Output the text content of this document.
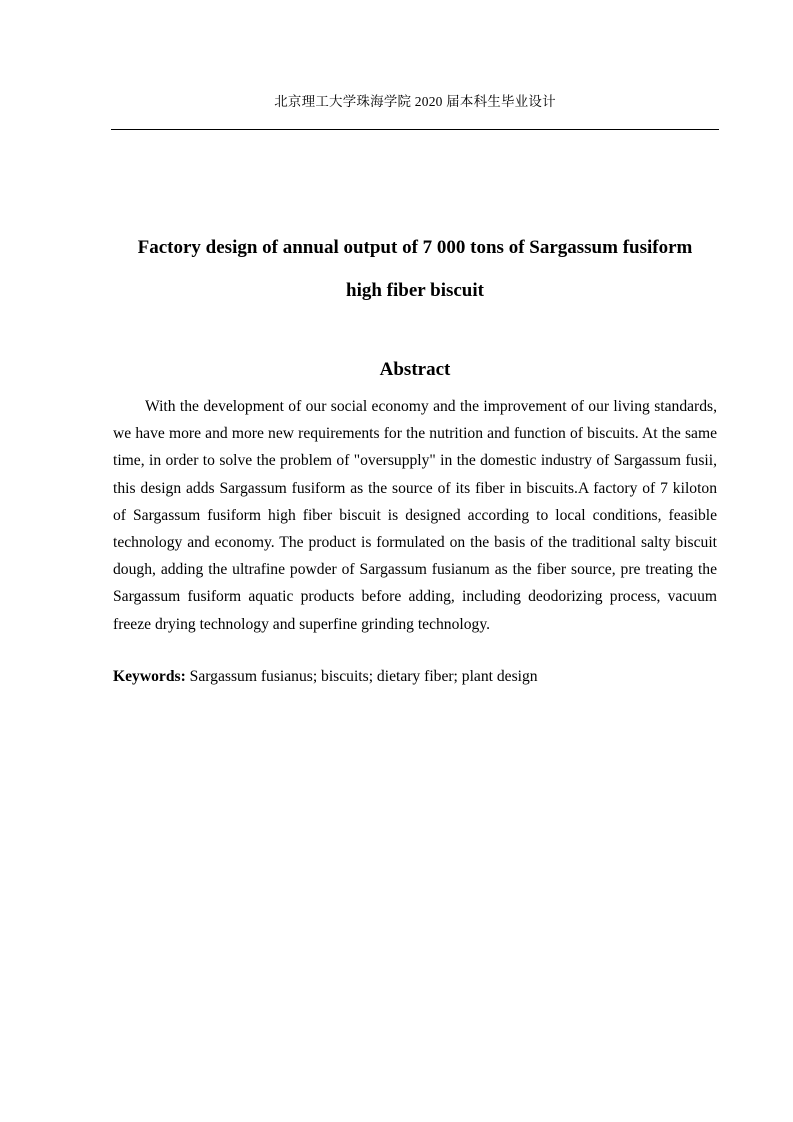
北京理工大学珠海学院 2020 届本科生毕业设计
Factory design of annual output of 7 000 tons of Sargassum fusiform
high fiber biscuit
Abstract

With the development of our social economy and the improvement of our living standards, we have more and more new requirements for the nutrition and function of biscuits. At the same time, in order to solve the problem of "oversupply" in the domestic industry of Sargassum fusii, this design adds Sargassum fusiform as the source of its fiber in biscuits.A factory of 7 kiloton of Sargassum fusiform high fiber biscuit is designed according to local conditions, feasible technology and economy. The product is formulated on the basis of the traditional salty biscuit dough, adding the ultrafine powder of Sargassum fusianum as the fiber source, pre treating the Sargassum fusiform aquatic products before adding, including deodorizing process, vacuum freeze drying technology and superfine grinding technology.

Keywords: Sargassum fusianus; biscuits; dietary fiber; plant design
